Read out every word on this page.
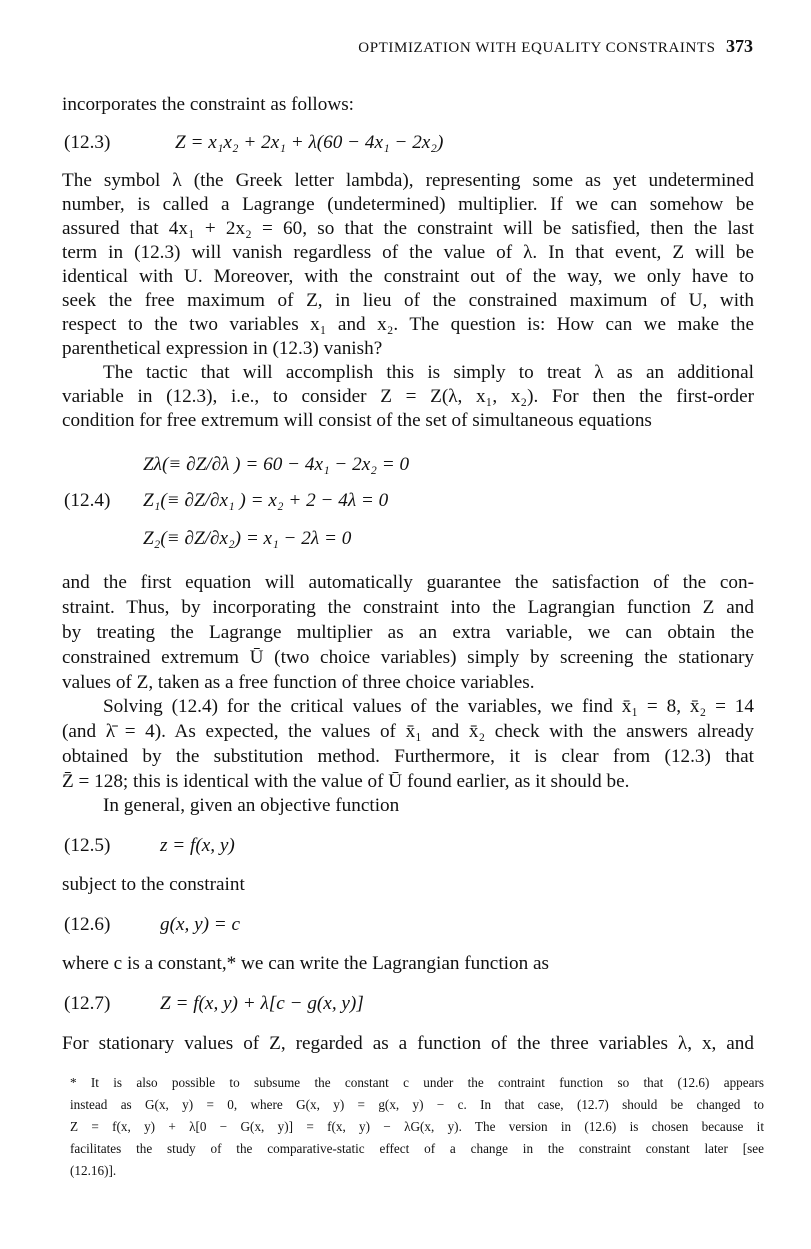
OPTIMIZATION WITH EQUALITY CONSTRAINTS 373
incorporates the constraint as follows:
(12.3)	Z = x₁x₂ + 2x₁ + λ(60 − 4x₁ − 2x₂)
The symbol λ (the Greek letter lambda), representing some as yet undetermined
number, is called a Lagrange (undetermined) multiplier. If we can somehow be
assured that 4x₁ + 2x₂ = 60, so that the constraint will be satisfied, then the last
term in (12.3) will vanish regardless of the value of λ. In that event, Z will be
identical with U. Moreover, with the constraint out of the way, we only have to
seek the free maximum of Z, in lieu of the constrained maximum of U, with
respect to the two variables x₁ and x₂. The question is: How can we make the
parenthetical expression in (12.3) vanish?
The tactic that will accomplish this is simply to treat λ as an additional
variable in (12.3), i.e., to consider Z = Z(λ, x₁, x₂). For then the first-order
condition for free extremum will consist of the set of simultaneous equations
Zλ(≡ ∂Z/∂λ ) = 60 − 4x₁ − 2x₂ = 0
(12.4) Z₁(≡ ∂Z/∂x₁ ) = x₂ + 2 − 4λ = 0
Z₂(≡ ∂Z/∂x₂) = x₁ − 2λ = 0
and the first equation will automatically guarantee the satisfaction of the con-
straint. Thus, by incorporating the constraint into the Lagrangian function Z and
by treating the Lagrange multiplier as an extra variable, we can obtain the
constrained extremum Ū (two choice variables) simply by screening the stationary
values of Z, taken as a free function of three choice variables.
Solving (12.4) for the critical values of the variables, we find x̄₁ = 8, x̄₂ = 14
(and λ̄ = 4). As expected, the values of x̄₁ and x̄₂ check with the answers already
obtained by the substitution method. Furthermore, it is clear from (12.3) that
Z̄ = 128; this is identical with the value of Ū found earlier, as it should be.
In general, given an objective function
(12.5)	z = f(x, y)
subject to the constraint
(12.6)	g(x, y) = c
where c is a constant,* we can write the Lagrangian function as
(12.7)	Z = f(x, y) + λ[c − g(x, y)]
For stationary values of Z, regarded as a function of the three variables λ, x, and
* It is also possible to subsume the constant c under the contraint function so that (12.6) appears
instead as G(x, y) = 0, where G(x, y) = g(x, y) − c. In that case, (12.7) should be changed to
Z = f(x, y) + λ[0 − G(x, y)] = f(x, y) − λG(x, y). The version in (12.6) is chosen because it
facilitates the study of the comparative-static effect of a change in the constraint constant later [see
(12.16)].
